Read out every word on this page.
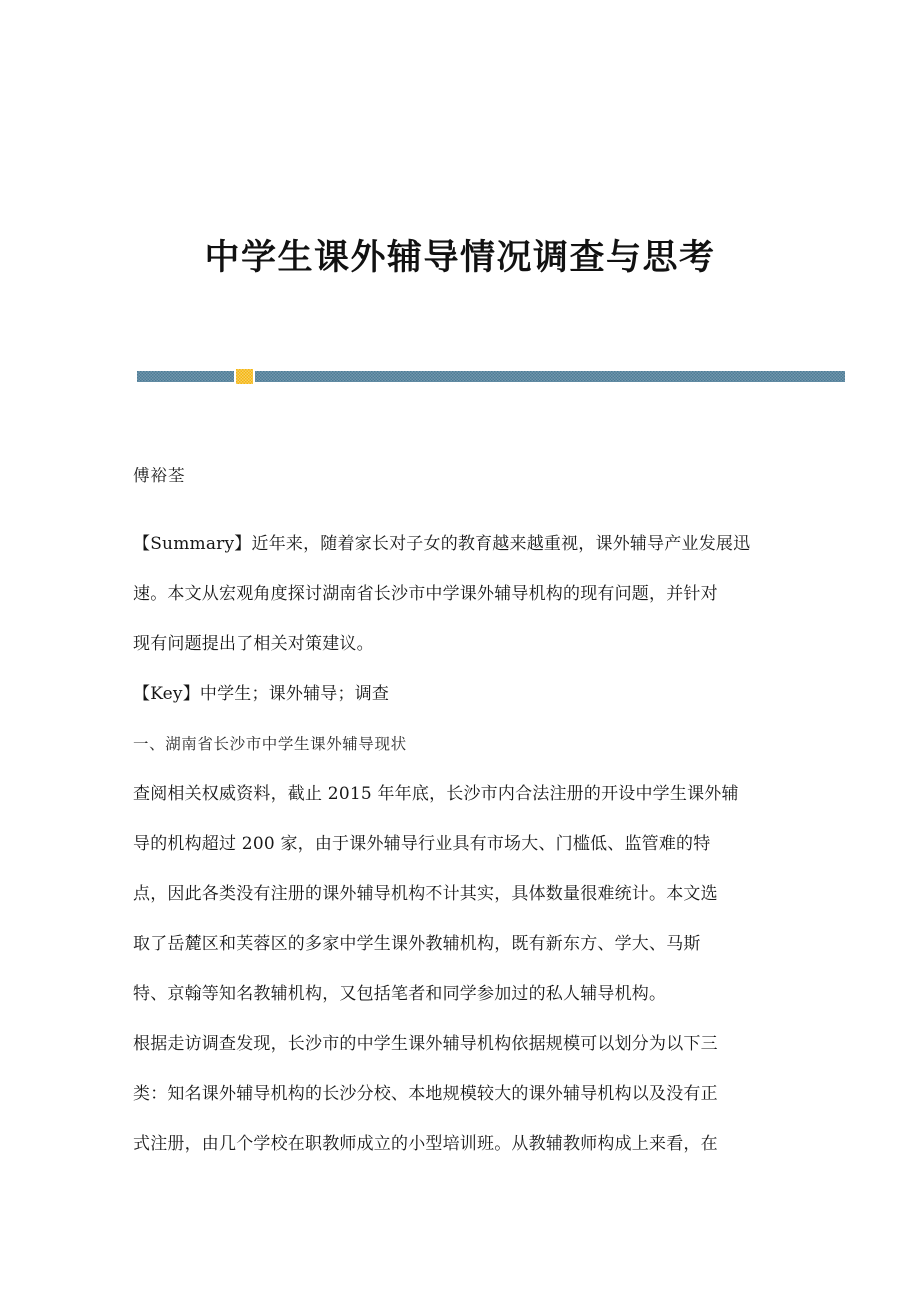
中学生课外辅导情况调查与思考
傅裕荃

【Summary】近年来，随着家长对子女的教育越来越重视，课外辅导产业发展迅

速。本文从宏观角度探讨湖南省长沙市中学课外辅导机构的现有问题，并针对

现有问题提出了相关对策建议。

【Key】中学生；课外辅导；调查

一、湖南省长沙市中学生课外辅导现状

查阅相关权威资料，截止 2015 年年底，长沙市内合法注册的开设中学生课外辅

导的机构超过 200 家，由于课外辅导行业具有市场大、门槛低、监管难的特

点，因此各类没有注册的课外辅导机构不计其实，具体数量很难统计。本文选

取了岳麓区和芙蓉区的多家中学生课外教辅机构，既有新东方、学大、马斯

特、京翰等知名教辅机构，又包括笔者和同学参加过的私人辅导机构。

根据走访调查发现，长沙市的中学生课外辅导机构依据规模可以划分为以下三

类：知名课外辅导机构的长沙分校、本地规模较大的课外辅导机构以及没有正

式注册，由几个学校在职教师成立的小型培训班。从教辅教师构成上来看，在
